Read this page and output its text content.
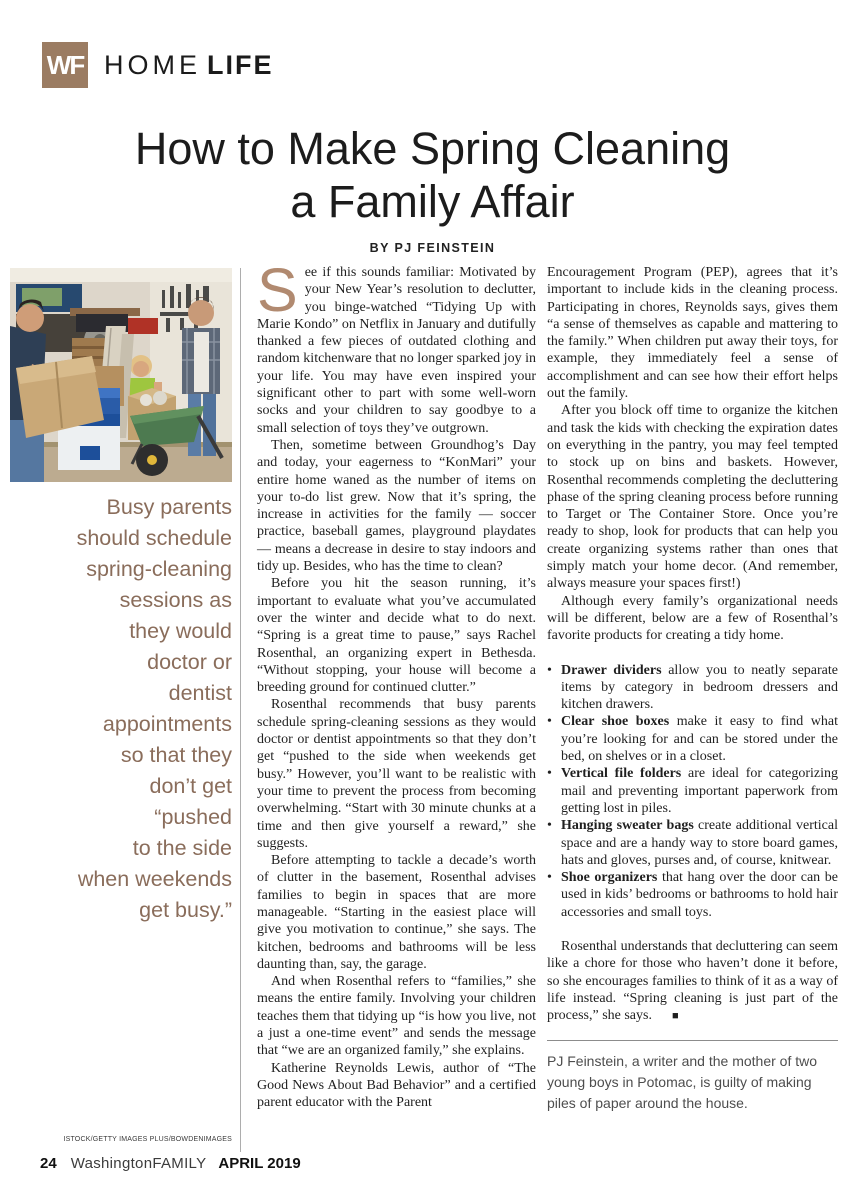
WF HOME LIFE
How to Make Spring Cleaning
a Family Affair
BY PJ FEINSTEIN
Busy parents
should schedule
spring-cleaning
sessions as
they would
doctor or
dentist
appointments
so that they
don’t get
“pushed
to the side
when weekends
get busy.”
ISTOCK/GETTY IMAGES PLUS/BOWDENIMAGES

See if this sounds familiar: Motivated by your New Year’s resolution to declutter, you binge-watched “Tidying Up with Marie Kondo” on Netflix in January and dutifully thanked a few pieces of outdated clothing and random kitchenware that no longer sparked joy in your life. You may have even inspired your significant other to part with some well-worn socks and your children to say goodbye to a small selection of toys they’ve outgrown.

Then, sometime between Groundhog’s Day and today, your eagerness to “KonMari” your entire home waned as the number of items on your to-do list grew. Now that it’s spring, the increase in activities for the family — soccer practice, baseball games, playground playdates — means a decrease in desire to stay indoors and tidy up. Besides, who has the time to clean?

Before you hit the season running, it’s important to evaluate what you’ve accumulated over the winter and decide what to do next. “Spring is a great time to pause,” says Rachel Rosenthal, an organizing expert in Bethesda. “Without stopping, your house will become a breeding ground for continued clutter.”

Rosenthal recommends that busy parents schedule spring-cleaning sessions as they would doctor or dentist appointments so that they don’t get “pushed to the side when weekends get busy.” However, you’ll want to be realistic with your time to prevent the process from becoming overwhelming. “Start with 30 minute chunks at a time and then give yourself a reward,” she suggests.

Before attempting to tackle a decade’s worth of clutter in the basement, Rosenthal advises families to begin in spaces that are more manageable. “Starting in the easiest place will give you motivation to continue,” she says. The kitchen, bedrooms and bathrooms will be less daunting than, say, the garage.

And when Rosenthal refers to “families,” she means the entire family. Involving your children teaches them that tidying up “is how you live, not a just a one-time event” and sends the message that “we are an organized family,” she explains.

Katherine Reynolds Lewis, author of “The Good News About Bad Behavior” and a certified parent educator with the Parent

Encouragement Program (PEP), agrees that it’s important to include kids in the cleaning process. Participating in chores, Reynolds says, gives them “a sense of themselves as capable and mattering to the family.” When children put away their toys, for example, they immediately feel a sense of accomplishment and can see how their effort helps out the family.

After you block off time to organize the kitchen and task the kids with checking the expiration dates on everything in the pantry, you may feel tempted to stock up on bins and baskets. However, Rosenthal recommends completing the decluttering phase of the spring cleaning process before running to Target or The Container Store. Once you’re ready to shop, look for products that can help you create organizing systems rather than ones that simply match your home decor. (And remember, always measure your spaces first!)

Although every family’s organizational needs will be different, below are a few of Rosenthal’s favorite products for creating a tidy home.

• Drawer dividers allow you to neatly separate items by category in bedroom dressers and kitchen drawers.
• Clear shoe boxes make it easy to find what you’re looking for and can be stored under the bed, on shelves or in a closet.
• Vertical file folders are ideal for categorizing mail and preventing important paperwork from getting lost in piles.
• Hanging sweater bags create additional vertical space and are a handy way to store board games, hats and gloves, purses and, of course, knitwear.
• Shoe organizers that hang over the door can be used in kids’ bedrooms or bathrooms to hold hair accessories and small toys.

Rosenthal understands that decluttering can seem like a chore for those who haven’t done it before, so she encourages families to think of it as a way of life instead. “Spring cleaning is just part of the process,” she says. ■

PJ Feinstein, a writer and the mother of two young boys in Potomac, is guilty of making piles of paper around the house.
24 WashingtonFAMILY APRIL 2019
